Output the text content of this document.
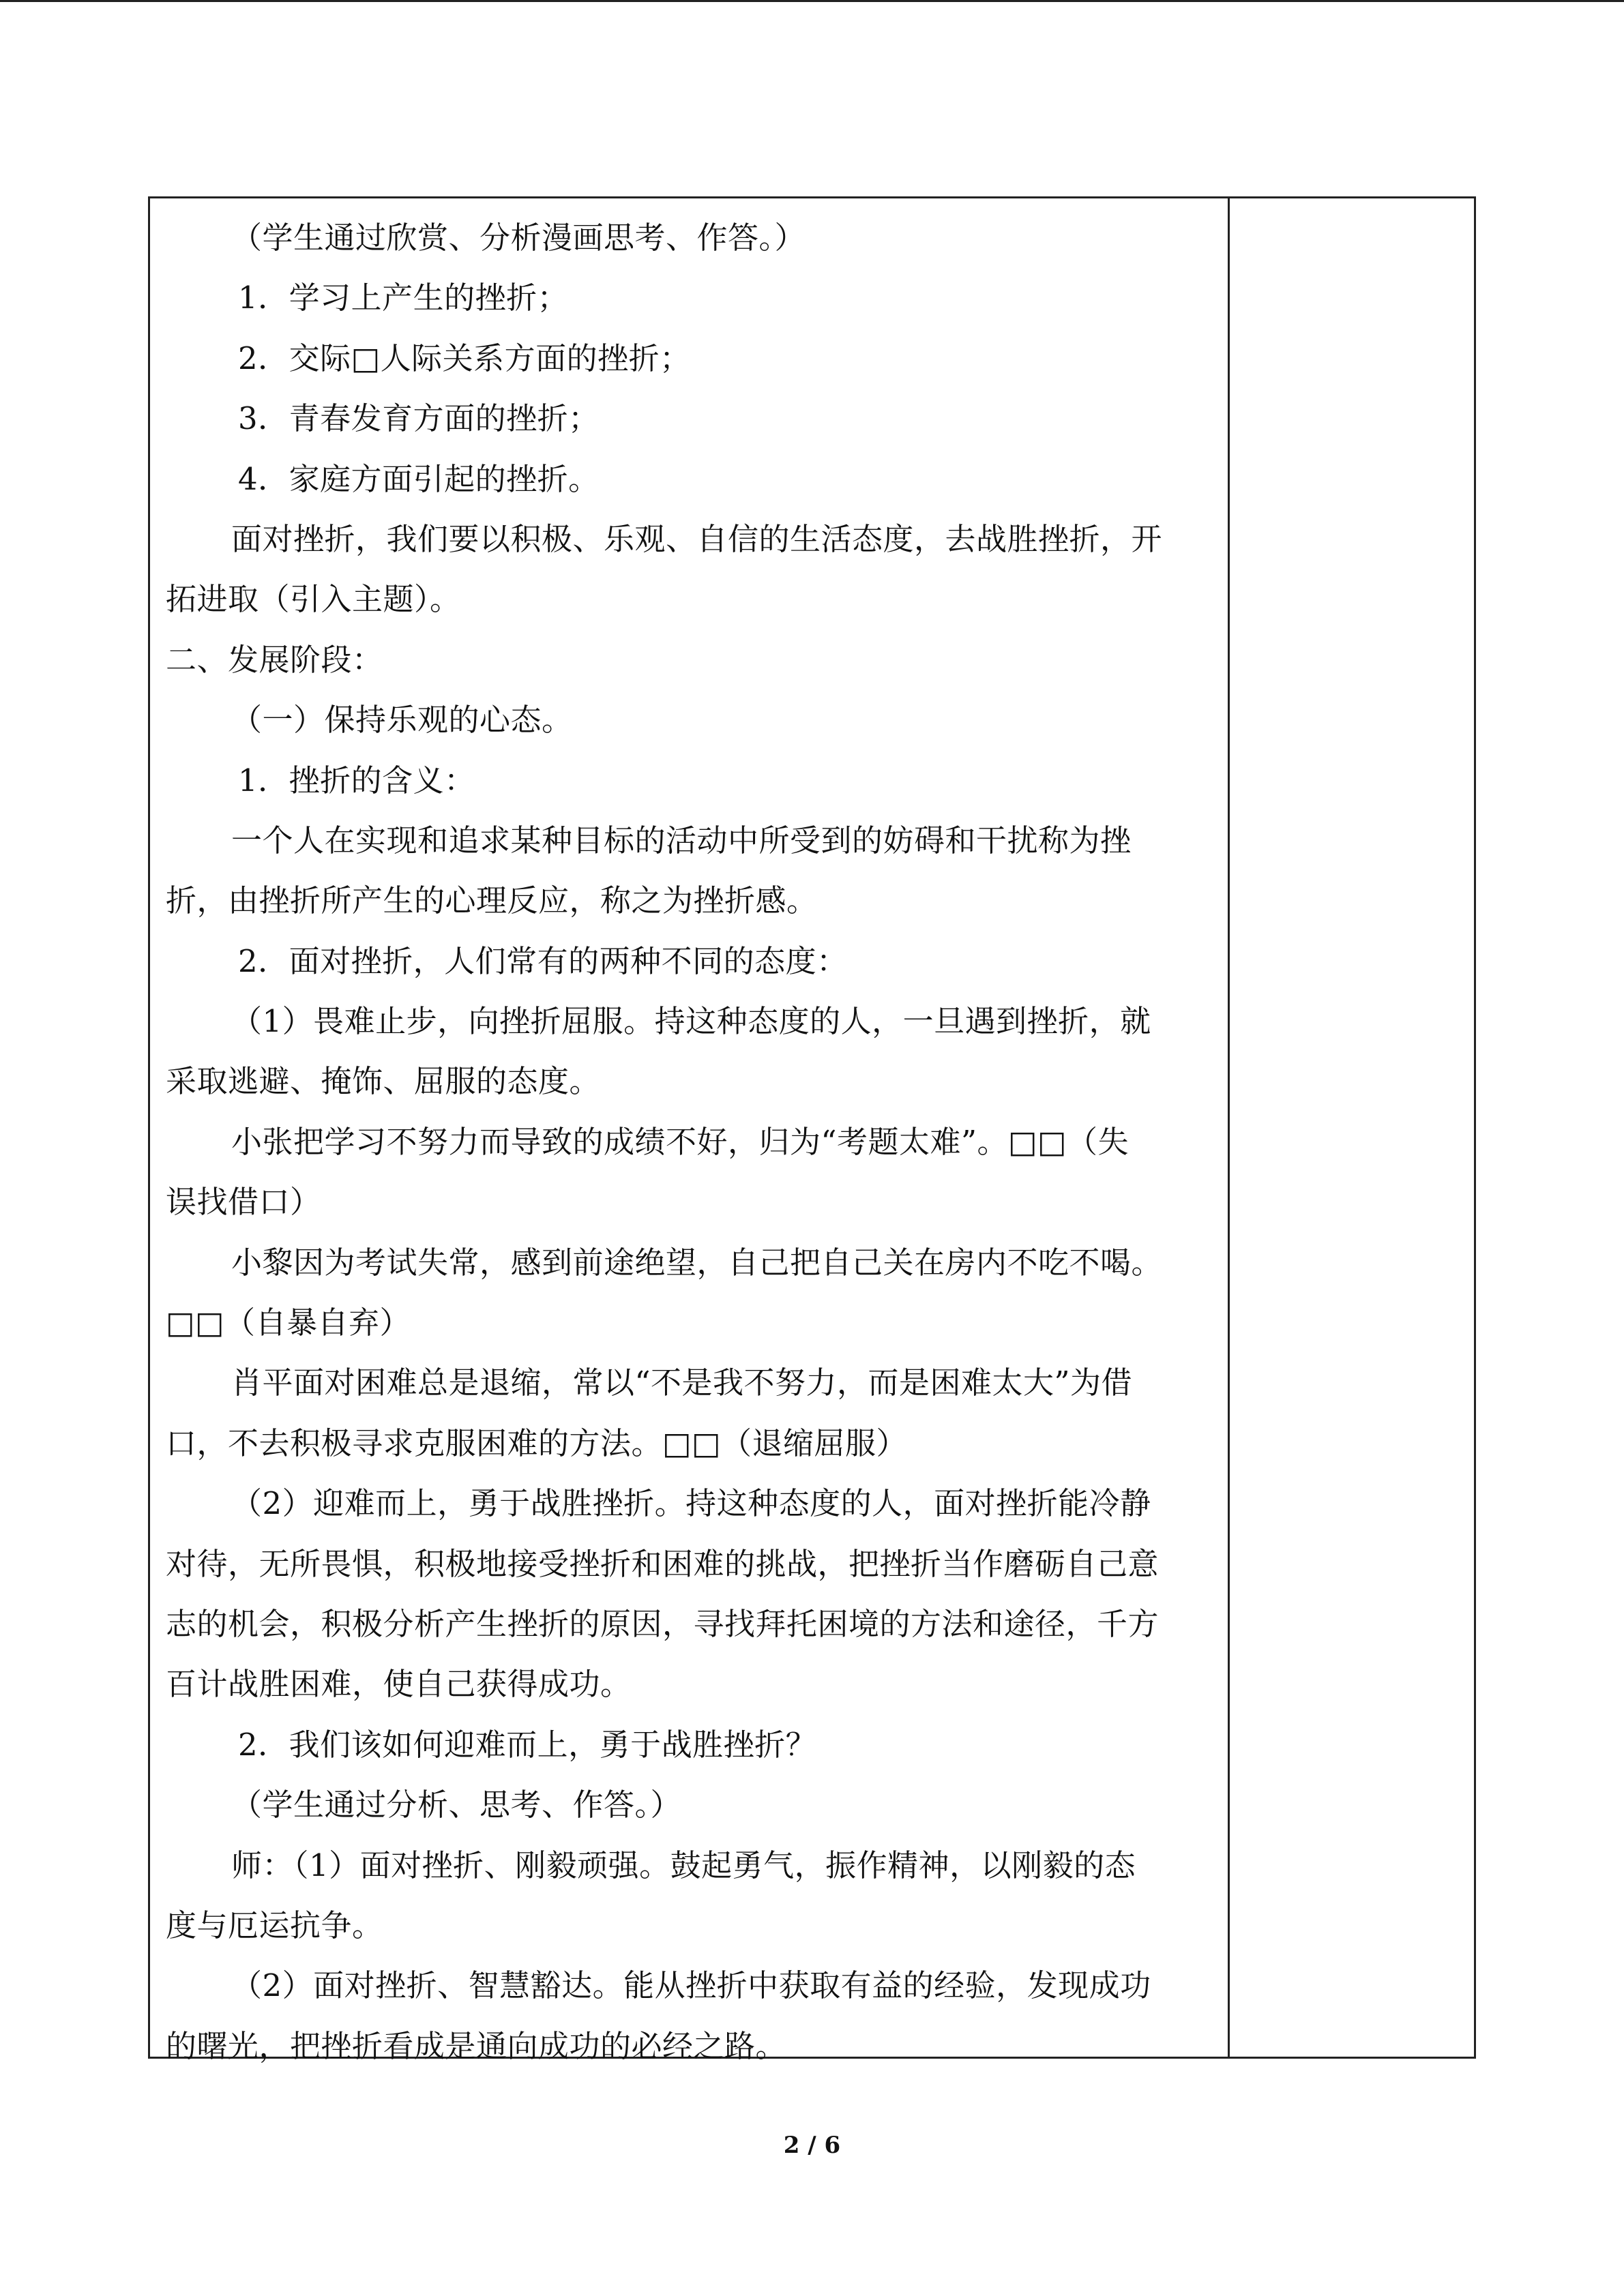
（学生通过欣赏、分析漫画思考、作答。）
1．学习上产生的挫折；
2．交际□人际关系方面的挫折；
3．青春发育方面的挫折；
4．家庭方面引起的挫折。
面对挫折，我们要以积极、乐观、自信的生活态度，去战胜挫折，开
拓进取（引入主题）。
二、发展阶段：
（一）保持乐观的心态。
1．挫折的含义：
一个人在实现和追求某种目标的活动中所受到的妨碍和干扰称为挫
折，由挫折所产生的心理反应，称之为挫折感。
2．面对挫折，人们常有的两种不同的态度：
（1）畏难止步，向挫折屈服。持这种态度的人，一旦遇到挫折，就
采取逃避、掩饰、屈服的态度。
小张把学习不努力而导致的成绩不好，归为“考题太难”。□□（失
误找借口）
小黎因为考试失常，感到前途绝望，自己把自己关在房内不吃不喝。
□□（自暴自弃）
肖平面对困难总是退缩，常以“不是我不努力，而是困难太大”为借
口，不去积极寻求克服困难的方法。□□（退缩屈服）
（2）迎难而上，勇于战胜挫折。持这种态度的人，面对挫折能冷静
对待，无所畏惧，积极地接受挫折和困难的挑战，把挫折当作磨砺自己意
志的机会，积极分析产生挫折的原因，寻找拜托困境的方法和途径，千方
百计战胜困难，使自己获得成功。
2．我们该如何迎难而上，勇于战胜挫折？
（学生通过分析、思考、作答。）
师：（1）面对挫折、刚毅顽强。鼓起勇气，振作精神，以刚毅的态
度与厄运抗争。
（2）面对挫折、智慧豁达。能从挫折中获取有益的经验，发现成功
的曙光，把挫折看成是通向成功的必经之路。
2 / 6
